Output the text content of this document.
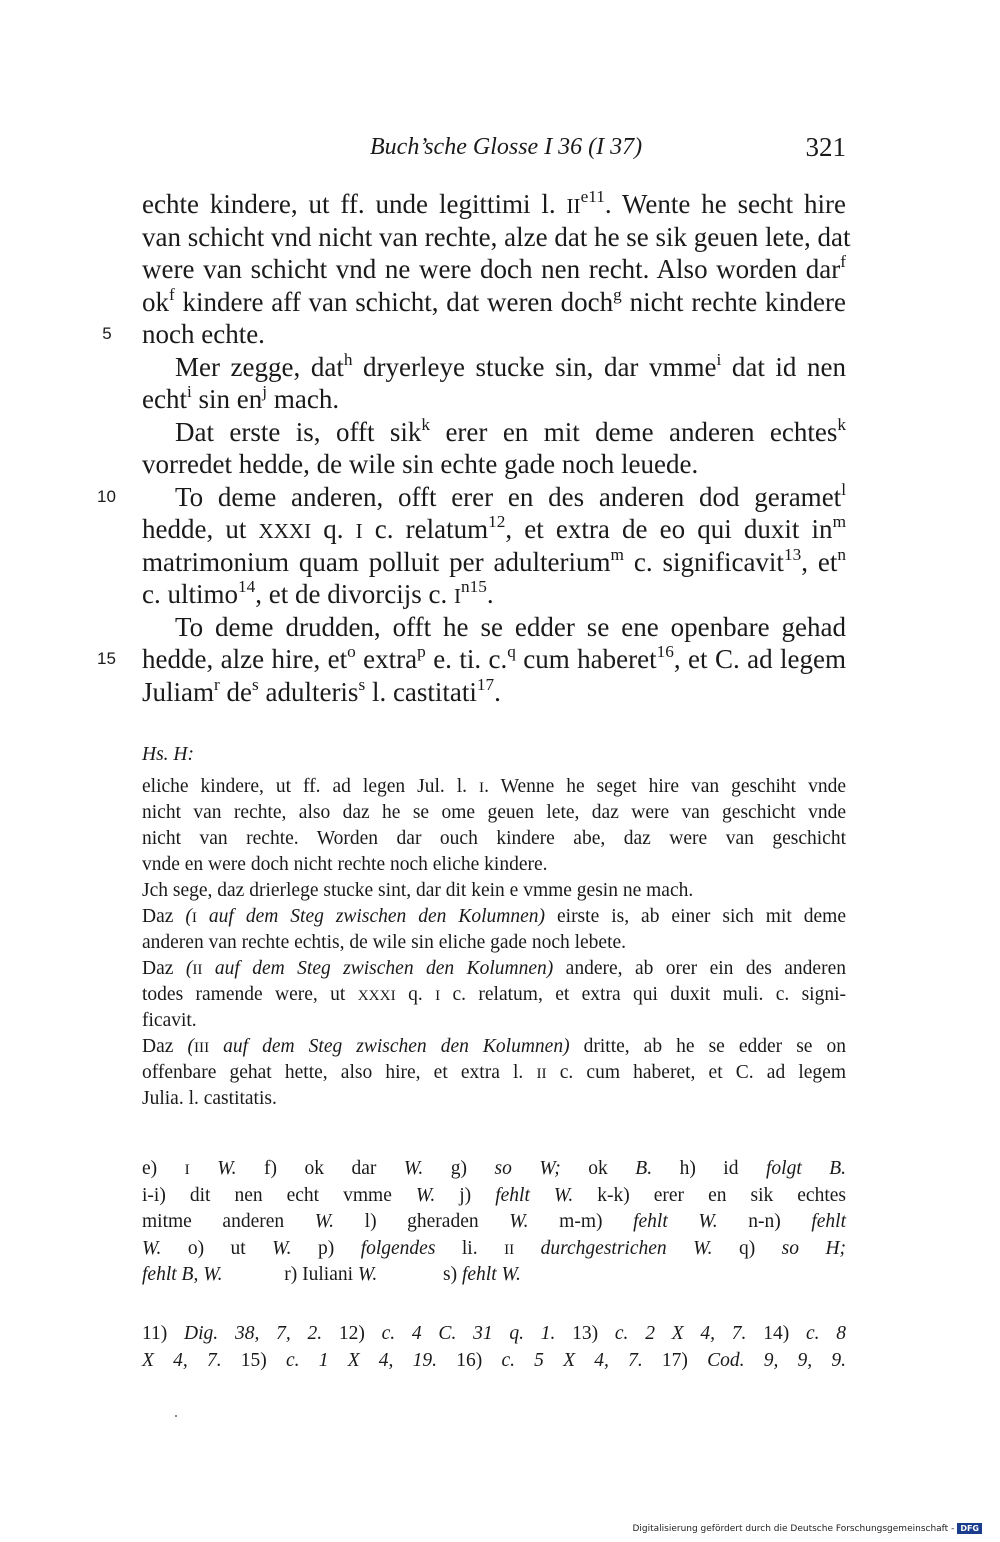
Buch’sche Glosse I 36 (I 37)	321
echte kindere, ut ff. unde legittimi l. $II^{e11}$. Wente he secht hire
van schicht vnd nicht van rechte, alze dat he se sik geuen lete, dat
were van schicht vnd ne were doch nen recht. Also worden dar$^f$
$ok^f$ kindere aff van schicht, dat weren doch$^g$ nicht rechte kindere
5 noch echte.
Mer zegge, dat$^h$ dryerleye stucke sin, dar vmme$^i$ dat id nen
echt$^i$ $\sin en^j$ mach.
Dat erste is, offt sik$^k$ erer en mit deme anderen echtes$^k$
vorredet hedde, de wile sin echte gade noch leuede.
10 To deme anderen, offt erer en des anderen dod geramet$^l$
hedde, ut XXXI q. I c. relatum$^{12}$, et extra de eo qui duxit $in^m$
matrimonium quam polluit per adulterium$^m$ c. significavit$^{13}$, $et^n$
c. ultimo$^{14}$, et de divorcijs c. $I^{n15}$.
To deme drudden, offt he se edder se ene openbare gehad
15 hedde, alze hire, $et^o$ extra$^p$ e. ti. c.$^q$ cum haberet$^{16}$, et C. ad legem
Juliam$^r$ $de^s$ adulteris$^s$ l. castitati$^{17}$.
Hs. H:
eliche kindere, ut ff. ad legen Jul. l. I. Wenne he seget hire van geschiht vnde
nicht van rechte, also daz he se ome geuen lete, daz were van geschicht vnde
nicht van rechte. Worden dar ouch kindere abe, daz were van geschicht
vnde en were doch nicht rechte noch eliche kindere.
Jch sege, daz drierlege stucke sint, dar dit kein e vmme gesin ne mach.
Daz (I auf dem Steg zwischen den Kolumnen) eirste is, ab einer sich mit deme
anderen van rechte echtis, de wile sin eliche gade noch lebete.
Daz (II auf dem Steg zwischen den Kolumnen) andere, ab orer ein des anderen
todes ramende were, ut XXXI q. I c. relatum, et extra qui duxit muli. c. signi-
ficavit.
Daz (III auf dem Steg zwischen den Kolumnen) dritte, ab he se edder se on
offenbare gehat hette, also hire, et extra l. II c. cum haberet, et C. ad legem
Julia. l. castitatis.
e) I W. f) ok dar W. g) so W; ok B. h) id folgt B.
i-i) dit nen echt vmme W. j) fehlt W. k-k) erer en sik echtes
mitme anderen W. l) gheraden W. m-m) fehlt W. n-n) fehlt
W. o) ut W. p) folgendes li. II durchgestrichen W. q) so H;
fehlt B, W.	r) Iuliani W.	s) fehlt W.
11) Dig. 38, 7, 2. 12) c. 4 C. 31 q. 1. 13) c. 2 X 4, 7. 14) c. 8
X 4, 7. 15) c. 1 X 4, 19. 16) c. 5 X 4, 7. 17) Cod. 9, 9, 9.
Digitalisierung gefördert durch die Deutsche Forschungsgemeinschaft - DFG
